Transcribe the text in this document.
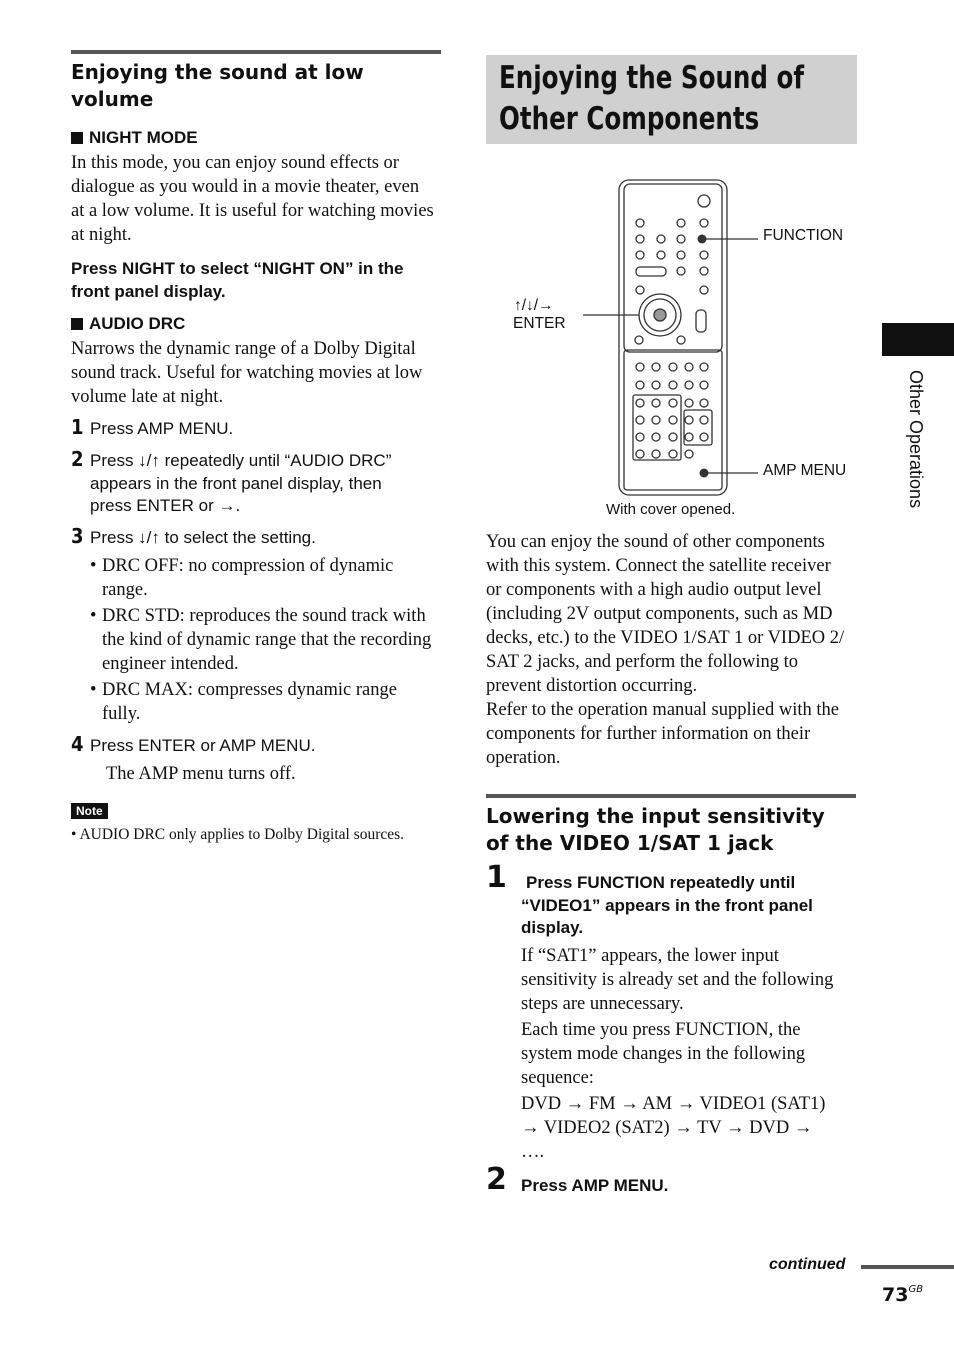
Enjoying the sound at low
volume
NIGHT MODE
In this mode, you can enjoy sound effects or
dialogue as you would in a movie theater, even
at a low volume. It is useful for watching movies
at night.
Press NIGHT to select “NIGHT ON” in the
front panel display.
AUDIO DRC
Narrows the dynamic range of a Dolby Digital
sound track. Useful for watching movies at low
volume late at night.
1 Press AMP MENU.
2 Press ↓/↑ repeatedly until “AUDIO DRC”
appears in the front panel display, then
press ENTER or →.
3 Press ↓/↑ to select the setting.
• DRC OFF: no compression of dynamic
range.
• DRC STD: reproduces the sound track with
the kind of dynamic range that the recording
engineer intended.
• DRC MAX: compresses dynamic range
fully.
4 Press ENTER or AMP MENU.
The AMP menu turns off.
Note
• AUDIO DRC only applies to Dolby Digital sources.
Enjoying the Sound of
Other Components
FUNCTION
↑/↓/→
ENTER
AMP MENU
With cover opened.
You can enjoy the sound of other components
with this system. Connect the satellite receiver
or components with a high audio output level
(including 2V output components, such as MD
decks, etc.) to the VIDEO 1/SAT 1 or VIDEO 2/
SAT 2 jacks, and perform the following to
prevent distortion occurring.
Refer to the operation manual supplied with the
components for further information on their
operation.
Lowering the input sensitivity
of the VIDEO 1/SAT 1 jack
1 Press FUNCTION repeatedly until
“VIDEO1” appears in the front panel
display.
If “SAT1” appears, the lower input
sensitivity is already set and the following
steps are unnecessary.
Each time you press FUNCTION, the
system mode changes in the following
sequence:
DVD → FM → AM → VIDEO1 (SAT1)
→ VIDEO2 (SAT2) → TV → DVD →
….
2 Press AMP MENU.
Other Operations
continued
$73^{GB}$
